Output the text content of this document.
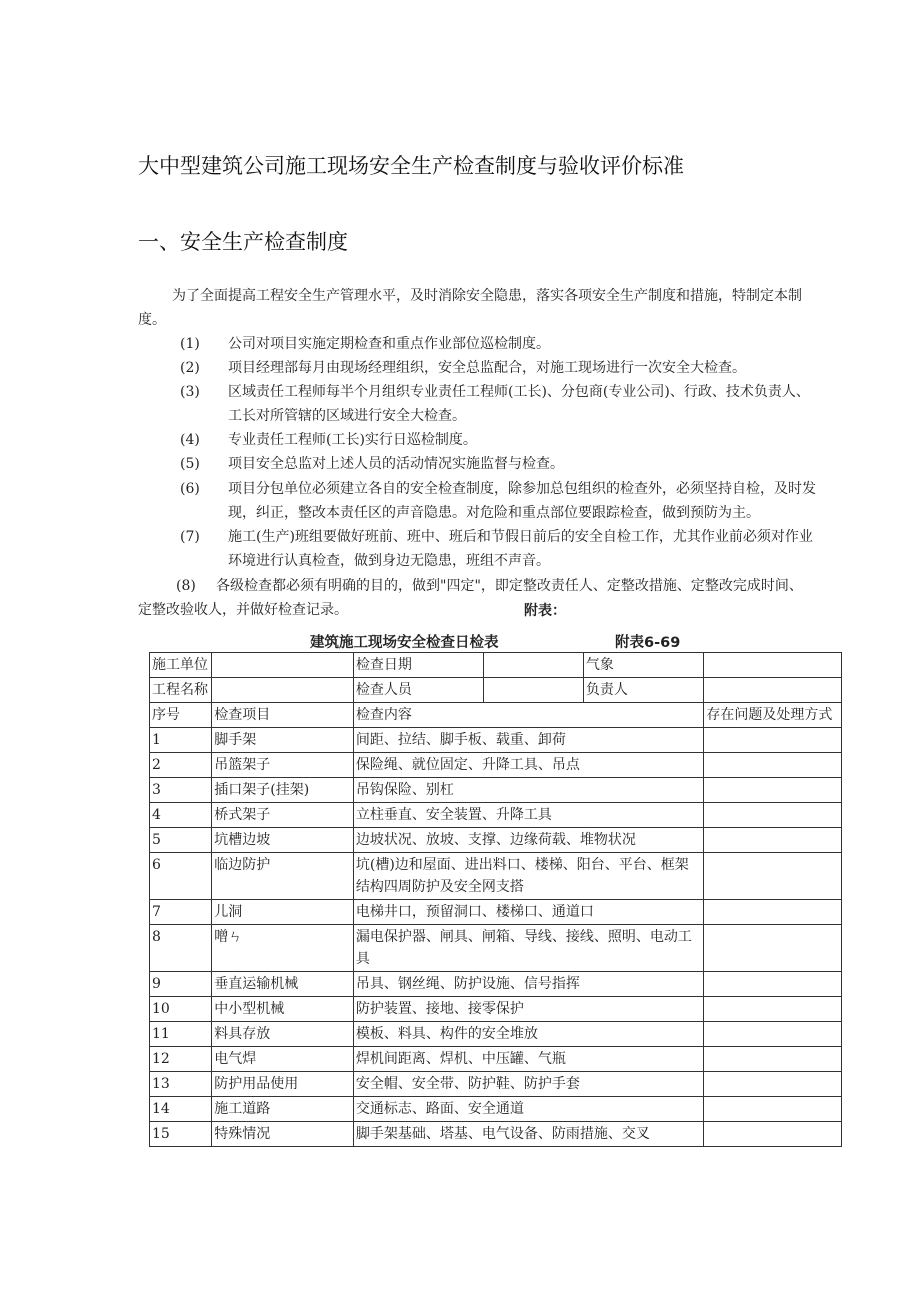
大中型建筑公司施工现场安全生产检查制度与验收评价标准
一、安全生产检查制度
为了全面提高工程安全生产管理水平，及时消除安全隐患，落实各项安全生产制度和措施，特制定本制
度。
(1) 公司对项目实施定期检查和重点作业部位巡检制度。
(2) 项目经理部每月由现场经理组织，安全总监配合，对施工现场进行一次安全大检查。
(3) 区域责任工程师每半个月组织专业责任工程师(工长)、分包商(专业公司)、行政、技术负责人、
工长对所管辖的区域进行安全大检查。
(4) 专业责任工程师(工长)实行日巡检制度。
(5) 项目安全总监对上述人员的活动情况实施监督与检查。
(6) 项目分包单位必须建立各自的安全检查制度，除参加总包组织的检查外，必须坚持自检，及时发
现，纠正，整改本责任区的声音隐患。对危险和重点部位要跟踪检查，做到预防为主。
(7) 施工(生产)班组要做好班前、班中、班后和节假日前后的安全自检工作，尤其作业前必须对作业
环境进行认真检查，做到身边无隐患，班组不声音。
(8) 各级检查都必须有明确的目的，做到"四定"，即定整改责任人、定整改措施、定整改完成时间、
定整改验收人，并做好检查记录。	附表：
建筑施工现场安全检查日检表	附表6-69
施工单位		检查日期		气象	
工程名称		检查人员		负责人	
序号	检查项目	检查内容			存在问题及处理方式
1	脚手架	间距、拉结、脚手板、载重、卸荷			
2	吊篮架子	保险绳、就位固定、升降工具、吊点			
3	插口架子(挂架)	吊钩保险、别杠			
4	桥式架子	立柱垂直、安全装置、升降工具			
5	坑槽边坡	边坡状况、放坡、支撑、边缘荷载、堆物状况			
6	临边防护	坑(槽)边和屋面、进出料口、楼梯、阳台、平台、框架结构四周防护及安全网支搭			
7	儿洞	电梯井口，预留洞口、楼梯口、通道口			
8	噌ㄣ	漏电保护器、闸具、闸箱、导线、接线、照明、电动工具			
9	垂直运输机械	吊具、钢丝绳、防护设施、信号指挥			
10	中小型机械	防护装置、接地、接零保护			
11	料具存放	模板、料具、构件的安全堆放			
12	电气焊	焊机间距离、焊机、中压罐、气瓶			
13	防护用品使用	安全帽、安全带、防护鞋、防护手套			
14	施工道路	交通标志、路面、安全通道			
15	特殊情况	脚手架基础、塔基、电气设备、防雨措施、交叉			
